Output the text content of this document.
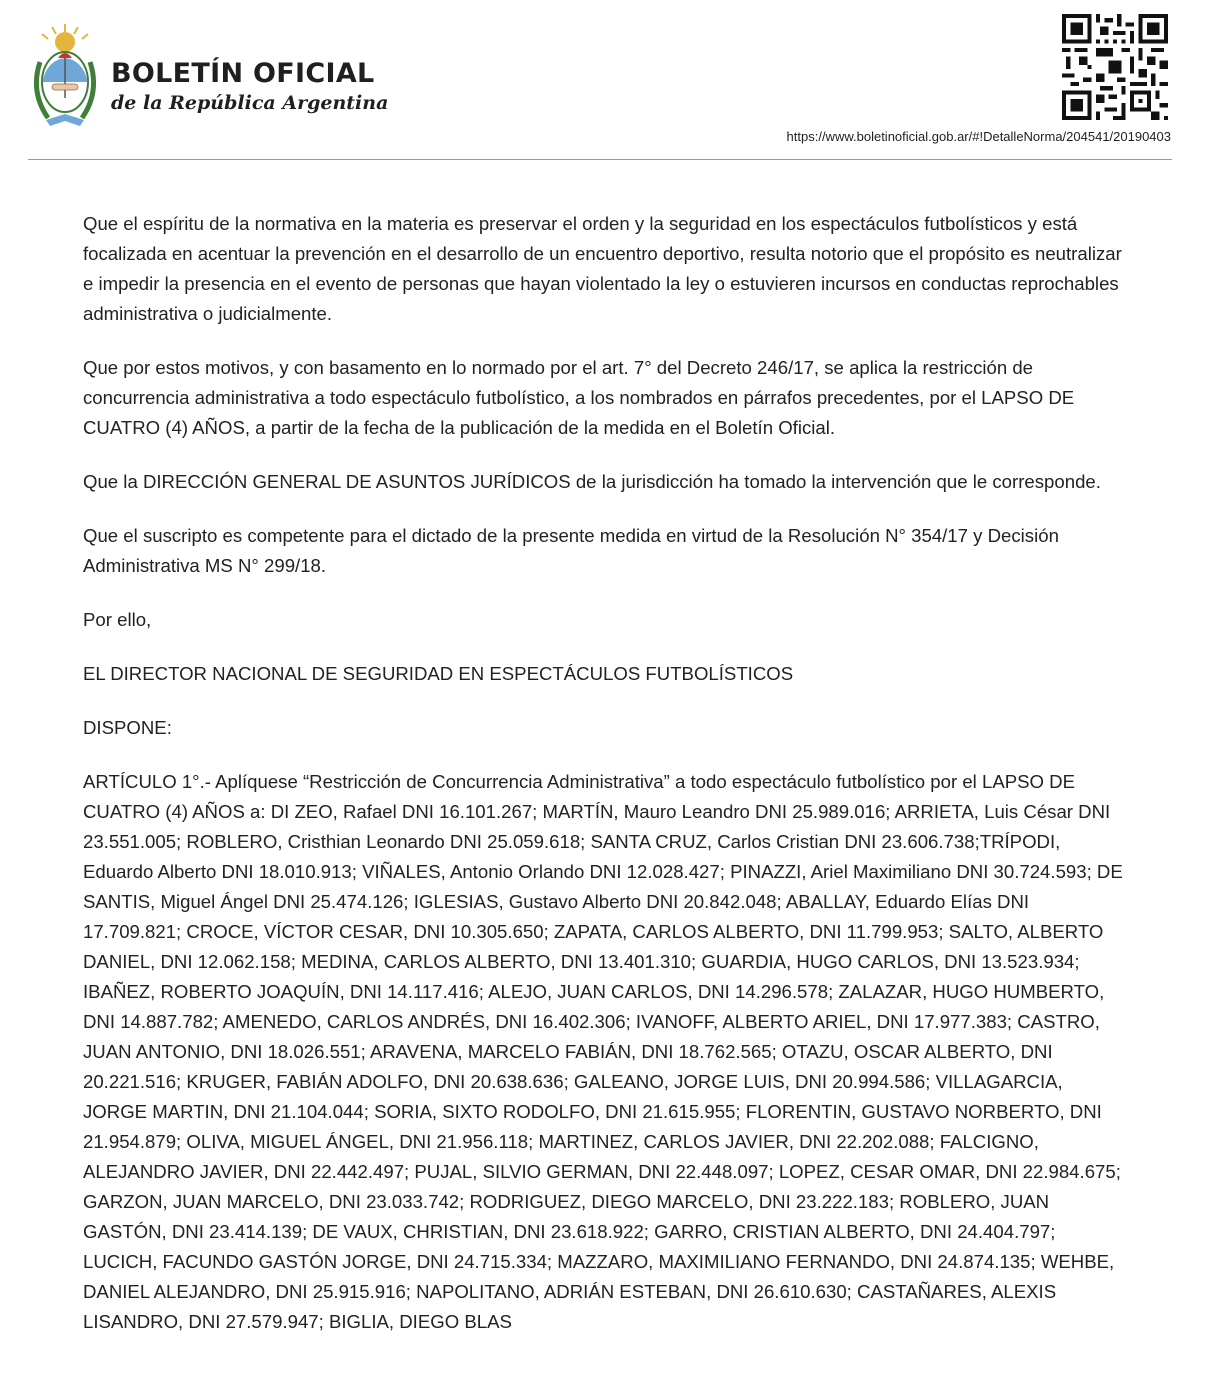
BOLETÍN OFICIAL
de la República Argentina
https://www.boletinoficial.gob.ar/#!DetalleNorma/204541/20190403

Que el espíritu de la normativa en la materia es preservar el orden y la seguridad en los espectáculos futbolísticos y está focalizada en acentuar la prevención en el desarrollo de un encuentro deportivo, resulta notorio que el propósito es neutralizar e impedir la presencia en el evento de personas que hayan violentado la ley o estuvieren incursos en conductas reprochables administrativa o judicialmente.

Que por estos motivos, y con basamento en lo normado por el art. 7° del Decreto 246/17, se aplica la restricción de concurrencia administrativa a todo espectáculo futbolístico, a los nombrados en párrafos precedentes, por el LAPSO DE CUATRO (4) AÑOS, a partir de la fecha de la publicación de la medida en el Boletín Oficial.

Que la DIRECCIÓN GENERAL DE ASUNTOS JURÍDICOS de la jurisdicción ha tomado la intervención que le corresponde.

Que el suscripto es competente para el dictado de la presente medida en virtud de la Resolución N° 354/17 y Decisión Administrativa MS N° 299/18.

Por ello,

EL DIRECTOR NACIONAL DE SEGURIDAD EN ESPECTÁCULOS FUTBOLÍSTICOS

DISPONE:

ARTÍCULO 1°.- Aplíquese “Restricción de Concurrencia Administrativa” a todo espectáculo futbolístico por el LAPSO DE CUATRO (4) AÑOS a: DI ZEO, Rafael DNI 16.101.267; MARTÍN, Mauro Leandro DNI 25.989.016; ARRIETA, Luis César DNI 23.551.005; ROBLERO, Cristhian Leonardo DNI 25.059.618; SANTA CRUZ, Carlos Cristian DNI 23.606.738;TRÍPODI, Eduardo Alberto DNI 18.010.913; VIÑALES, Antonio Orlando DNI 12.028.427; PINAZZI, Ariel Maximiliano DNI 30.724.593; DE SANTIS, Miguel Ángel DNI 25.474.126; IGLESIAS, Gustavo Alberto DNI 20.842.048; ABALLAY, Eduardo Elías DNI 17.709.821; CROCE, VÍCTOR CESAR, DNI 10.305.650; ZAPATA, CARLOS ALBERTO, DNI 11.799.953; SALTO, ALBERTO DANIEL, DNI 12.062.158; MEDINA, CARLOS ALBERTO, DNI 13.401.310; GUARDIA, HUGO CARLOS, DNI 13.523.934; IBAÑEZ, ROBERTO JOAQUÍN, DNI 14.117.416; ALEJO, JUAN CARLOS, DNI 14.296.578; ZALAZAR, HUGO HUMBERTO, DNI 14.887.782; AMENEDO, CARLOS ANDRÉS, DNI 16.402.306; IVANOFF, ALBERTO ARIEL, DNI 17.977.383; CASTRO, JUAN ANTONIO, DNI 18.026.551; ARAVENA, MARCELO FABIÁN, DNI 18.762.565; OTAZU, OSCAR ALBERTO, DNI 20.221.516; KRUGER, FABIÁN ADOLFO, DNI 20.638.636; GALEANO, JORGE LUIS, DNI 20.994.586; VILLAGARCIA, JORGE MARTIN, DNI 21.104.044; SORIA, SIXTO RODOLFO, DNI 21.615.955; FLORENTIN, GUSTAVO NORBERTO, DNI 21.954.879; OLIVA, MIGUEL ÁNGEL, DNI 21.956.118; MARTINEZ, CARLOS JAVIER, DNI 22.202.088; FALCIGNO, ALEJANDRO JAVIER, DNI 22.442.497; PUJAL, SILVIO GERMAN, DNI 22.448.097; LOPEZ, CESAR OMAR, DNI 22.984.675; GARZON, JUAN MARCELO, DNI 23.033.742; RODRIGUEZ, DIEGO MARCELO, DNI 23.222.183; ROBLERO, JUAN GASTÓN, DNI 23.414.139; DE VAUX, CHRISTIAN, DNI 23.618.922; GARRO, CRISTIAN ALBERTO, DNI 24.404.797; LUCICH, FACUNDO GASTÓN JORGE, DNI 24.715.334; MAZZARO, MAXIMILIANO FERNANDO, DNI 24.874.135; WEHBE, DANIEL ALEJANDRO, DNI 25.915.916; NAPOLITANO, ADRIÁN ESTEBAN, DNI 26.610.630; CASTAÑARES, ALEXIS LISANDRO, DNI 27.579.947; BIGLIA, DIEGO BLAS
